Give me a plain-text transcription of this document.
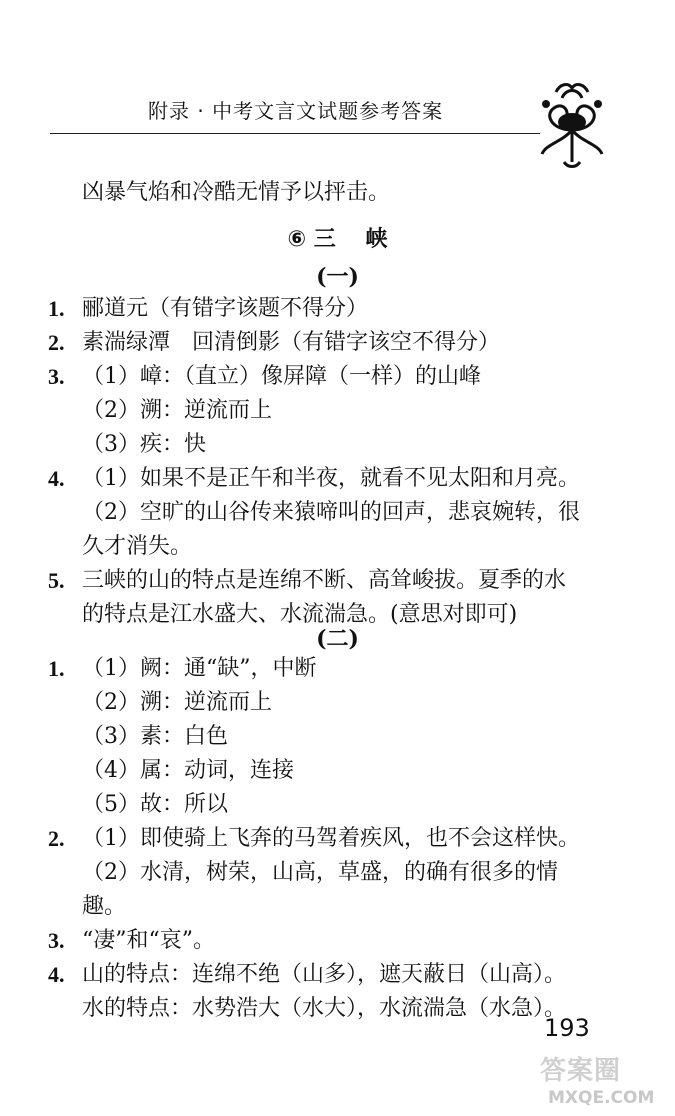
附录 · 中考文言文试题参考答案
凶暴气焰和冷酷无情予以抨击。
⑥ 三　 峡
(一)
1. 郦道元（有错字该题不得分）
2. 素湍绿潭　回清倒影（有错字该空不得分）
3. （1）嶂：（直立）像屏障（一样）的山峰
（2）溯：逆流而上
（3）疾：快
4. （1）如果不是正午和半夜，就看不见太阳和月亮。
（2）空旷的山谷传来猿啼叫的回声，悲哀婉转，很
久才消失。
5. 三峡的山的特点是连绵不断、高耸峻拔。夏季的水
的特点是江水盛大、水流湍急。(意思对即可)
(二)
1. （1）阙：通“缺”，中断
（2）溯：逆流而上
（3）素：白色
（4）属：动词，连接
（5）故：所以
2. （1）即使骑上飞奔的马驾着疾风，也不会这样快。
（2）水清，树荣，山高，草盛，的确有很多的情
趣。
3. “凄”和“哀”。
4. 山的特点：连绵不绝（山多），遮天蔽日（山高）。
水的特点：水势浩大（水大），水流湍急（水急）。
193
答案圈
MXQE.COM
